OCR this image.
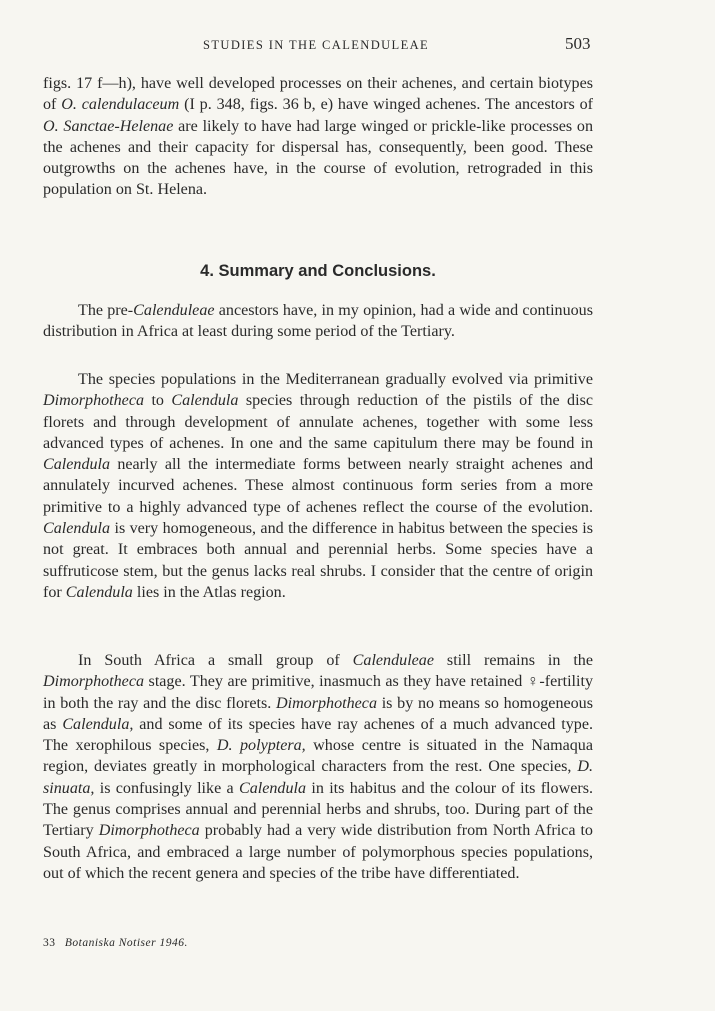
STUDIES IN THE CALENDULEAE	503

figs. 17 f—h), have well developed processes on their achenes, and certain biotypes of O. calendulaceum (I p. 348, figs. 36 b, e) have winged achenes. The ancestors of O. Sanctae-Helenae are likely to have had large winged or prickle-like processes on the achenes and their capacity for dispersal has, consequently, been good. These outgrowths on the achenes have, in the course of evolution, retrograded in this population on St. Helena.

4. Summary and Conclusions.

The pre-Calenduleae ancestors have, in my opinion, had a wide and continuous distribution in Africa at least during some period of the Tertiary.

The species populations in the Mediterranean gradually evolved via primitive Dimorphotheca to Calendula species through reduction of the pistils of the disc florets and through development of annulate achenes, together with some less advanced types of achenes. In one and the same capitulum there may be found in Calendula nearly all the intermediate forms between nearly straight achenes and annulately incurved achenes. These almost continuous form series from a more primitive to a highly advanced type of achenes reflect the course of the evolution. Calendula is very homogeneous, and the difference in habitus between the species is not great. It embraces both annual and perennial herbs. Some species have a suffruticose stem, but the genus lacks real shrubs. I consider that the centre of origin for Calendula lies in the Atlas region.

In South Africa a small group of Calenduleae still remains in the Dimorphotheca stage. They are primitive, inasmuch as they have retained ♀-fertility in both the ray and the disc florets. Dimorphotheca is by no means so homogeneous as Calendula, and some of its species have ray achenes of a much advanced type. The xerophilous species, D. polyptera, whose centre is situated in the Namaqua region, deviates greatly in morphological characters from the rest. One species, D. sinuata, is confusingly like a Calendula in its habitus and the colour of its flowers. The genus comprises annual and perennial herbs and shrubs, too. During part of the Tertiary Dimorphotheca probably had a very wide distribution from North Africa to South Africa, and embraced a large number of polymorphous species populations, out of which the recent genera and species of the tribe have differentiated.

33 Botaniska Notiser 1946.
